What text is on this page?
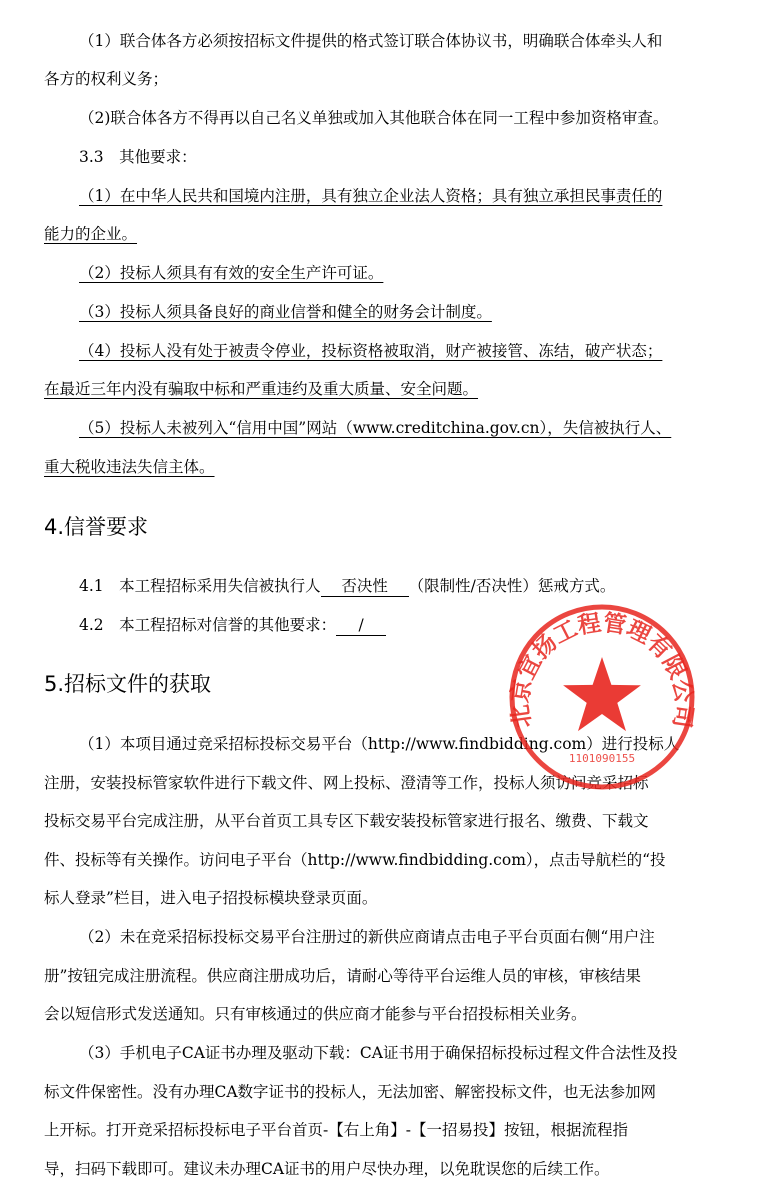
（1）联合体各方必须按招标文件提供的格式签订联合体协议书，明确联合体牵头人和
各方的权利义务；
（2)联合体各方不得再以自己名义单独或加入其他联合体在同一工程中参加资格审查。
3.3　其他要求：
（1）在中华人民共和国境内注册，具有独立企业法人资格；具有独立承担民事责任的
能力的企业。
（2）投标人须具有有效的安全生产许可证。
（3）投标人须具备良好的商业信誉和健全的财务会计制度。
（4）投标人没有处于被责令停业，投标资格被取消，财产被接管、冻结，破产状态；
在最近三年内没有骗取中标和严重违约及重大质量、安全问题。
（5）投标人未被列入“信用中国”网站（www.creditchina.gov.cn），失信被执行人、
重大税收违法失信主体。
4.信誉要求
4.1　本工程招标采用失信被执行人 否决性 （限制性/否决性）惩戒方式。
4.2　本工程招标对信誉的其他要求： /
5.招标文件的获取
（1）本项目通过竞采招标投标交易平台（http://www.findbidding.com）进行投标人
注册，安装投标管家软件进行下载文件、网上投标、澄清等工作，投标人须访问竞采招标
投标交易平台完成注册，从平台首页工具专区下载安装投标管家进行报名、缴费、下载文
件、投标等有关操作。访问电子平台（http://www.findbidding.com），点击导航栏的“投
标人登录”栏目，进入电子招投标模块登录页面。
（2）未在竞采招标投标交易平台注册过的新供应商请点击电子平台页面右侧“用户注
册”按钮完成注册流程。供应商注册成功后，请耐心等待平台运维人员的审核，审核结果
会以短信形式发送通知。只有审核通过的供应商才能参与平台招投标相关业务。
（3）手机电子CA证书办理及驱动下载：CA证书用于确保招标投标过程文件合法性及投
标文件保密性。没有办理CA数字证书的投标人，无法加密、解密投标文件，也无法参加网
上开标。打开竞采招标投标电子平台首页-【右上角】-【一招易投】按钮，根据流程指
导，扫码下载即可。建议未办理CA证书的用户尽快办理，以免耽误您的后续工作。
北京宜扬工程管理有限公司
1101090155
